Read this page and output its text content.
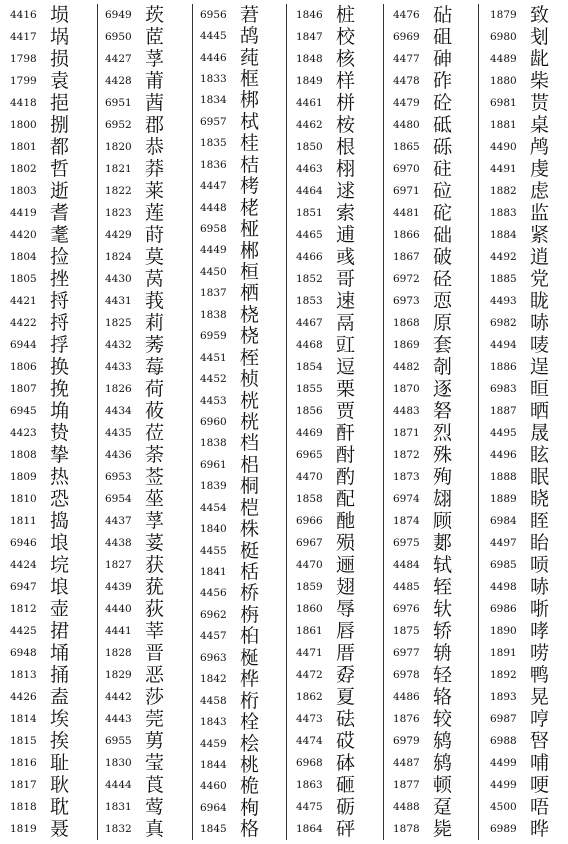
4416 埙
4417 埚
1798 损
1799 袁
4418 挹
1800 捌
1801 都
1802 哲
1803 逝
4419 耆
4420 耄
1804 捡
1805 挫
4421 捋
4422 捋
6944 捊
1806 换
1807 挽
6945 埆
4423 贽
1808 挚
1809 热
1810 恐
1811 捣
6946 埌
4424 垸
6947 埌
1812 壶
4425 捃
6948 埇
1813 捅
4426 盍
1814 埃
1815 挨
1816 耻
1817 耿
1818 耽
1819 聂
6949 莰
6950 茝
4427 莩
4428 莆
6951 莤
6952 郡
1820 恭
1821 莽
1822 莱
1823 莲
4429 莳
1824 莫
4430 莴
4431 莪
1825 莉
4432 莠
4433 莓
1826 荷
4434 莜
4435 莅
4436 荼
6953 莶
6954 莝
4437 莩
4438 荽
1827 获
4439 莸
4440 荻
4441 莘
1828 晋
1829 恶
4442 莎
4443 莞
6955 莮
1830 莹
4444 莨
1831 莺
1832 真
6956 莙
4445 鸪
4446 莼
1833 框
1834 梆
6957 栻
1835 桂
1836 桔
4447 栲
4448 栳
6958 桠
4449 郴
4450 桓
1837 栖
1838 桡
6959 桡
4451 桎
4452 桢
4453 桄
6960 桄
1838 档
6961 梠
1839 桐
4454 桤
1840 株
4455 梃
1841 栝
4456 桥
6962 栴
4457 桕
6963 梴
1842 桦
4458 桁
1843 栓
4459 桧
1844 桃
4460 桅
6964 栒
1845 格
1846 桩
1847 校
1848 核
1849 样
4461 栟
4462 桉
1850 根
4463 栩
4464 逑
1851 索
4465 逋
4466 彧
1852 哥
1853 速
4467 鬲
4468 豇
1854 逗
1855 栗
1856 贾
4469 酐
6965 酎
4470 酌
1858 配
6966 酏
6967 殒
4470 逦
1859 翅
1860 辱
1861 唇
4471 厝
4472 孬
1862 夏
4473 砝
4474 砹
6968 砵
1863 砸
4475 砺
1864 砰
4476 砧
6969 砠
4477 砷
4478 砟
4479 砼
4480 砥
1865 砾
6970 砫
6971 砬
4481 砣
1866 础
1867 破
6972 硁
6973 恧
1868 原
1869 套
4482 剞
1870 逐
4483 砮
1871 烈
1872 殊
1873 殉
6974 翃
1874 顾
6975 郪
4484 轼
4485 轾
6976 轪
1875 轿
6977 辀
6978 轻
4486 辂
1876 较
6979 鸫
4487 鸫
1877 顿
4488 趸
1878 毙
1879 致
6980 刬
4489 龀
1880 柴
6981 贳
1881 桌
4490 鸬
4491 虔
1882 虑
1883 监
1884 紧
4492 逍
1885 党
4493 眬
6982 哧
4494 唛
1886 逞
6983 晅
1887 晒
4495 晟
4496 眩
1888 眠
1889 晓
6984 眰
4497 眙
6985 唝
4498 哧
6986 哳
1890 哮
1891 唠
1892 鸭
1893 晃
6987 哼
6988 唘
4499 哺
4499 哽
4500 唔
6989 晔
